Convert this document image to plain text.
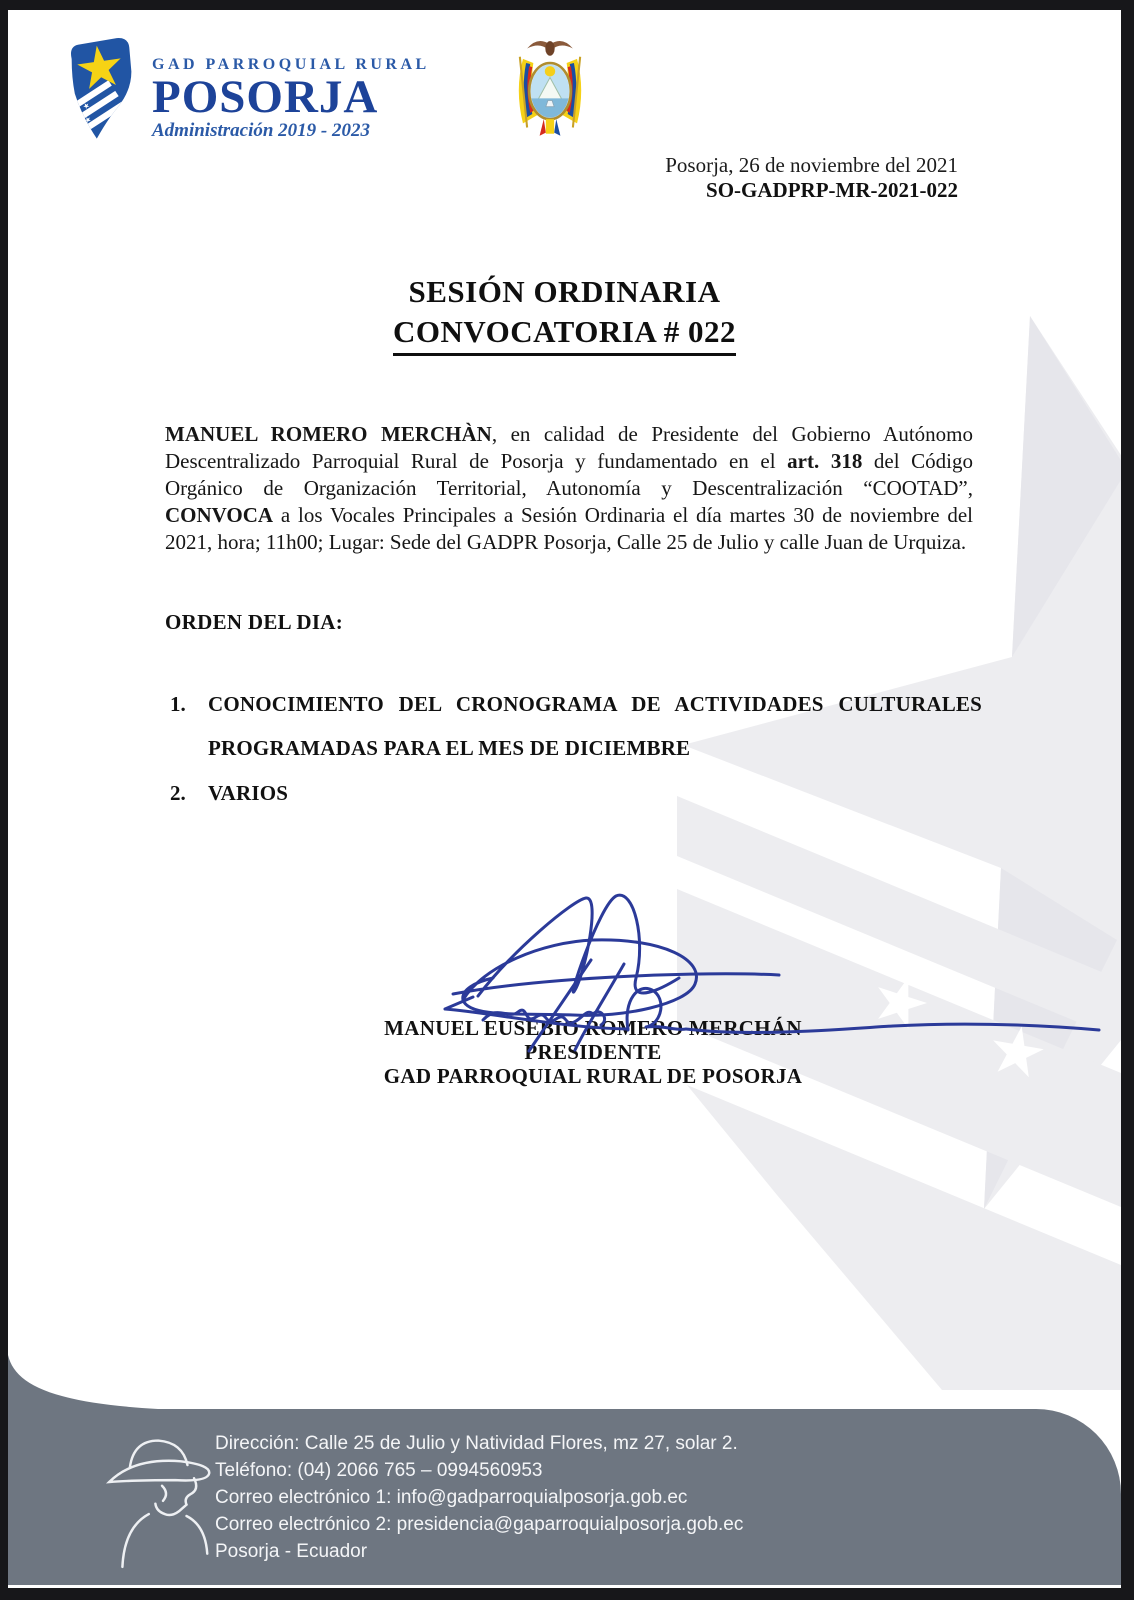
GAD PARROQUIAL RURAL
POSORJA
Administración 2019 - 2023
Posorja, 26 de noviembre del 2021
SO-GADPRP-MR-2021-022
SESIÓN ORDINARIA
CONVOCATORIA # 022

MANUEL ROMERO MERCHÀN, en calidad de Presidente del Gobierno Autónomo Descentralizado Parroquial Rural de Posorja y fundamentado en el art. 318 del Código Orgánico de Organización Territorial, Autonomía y Descentralización “COOTAD”, CONVOCA a los Vocales Principales a Sesión Ordinaria el día martes 30 de noviembre del 2021, hora; 11h00; Lugar: Sede del GADPR Posorja, Calle 25 de Julio y calle Juan de Urquiza.

ORDEN DEL DIA:
1.	CONOCIMIENTO DEL CRONOGRAMA DE ACTIVIDADES CULTURALES PROGRAMADAS PARA EL MES DE DICIEMBRE
2.	VARIOS
MANUEL EUSEBIO ROMERO MERCHÁN
PRESIDENTE
GAD PARROQUIAL RURAL DE POSORJA
Dirección: Calle 25 de Julio y Natividad Flores, mz 27, solar 2.
Teléfono: (04) 2066 765 – 0994560953
Correo electrónico 1: info@gadparroquialposorja.gob.ec
Correo electrónico 2: presidencia@gaparroquialposorja.gob.ec
Posorja - Ecuador
